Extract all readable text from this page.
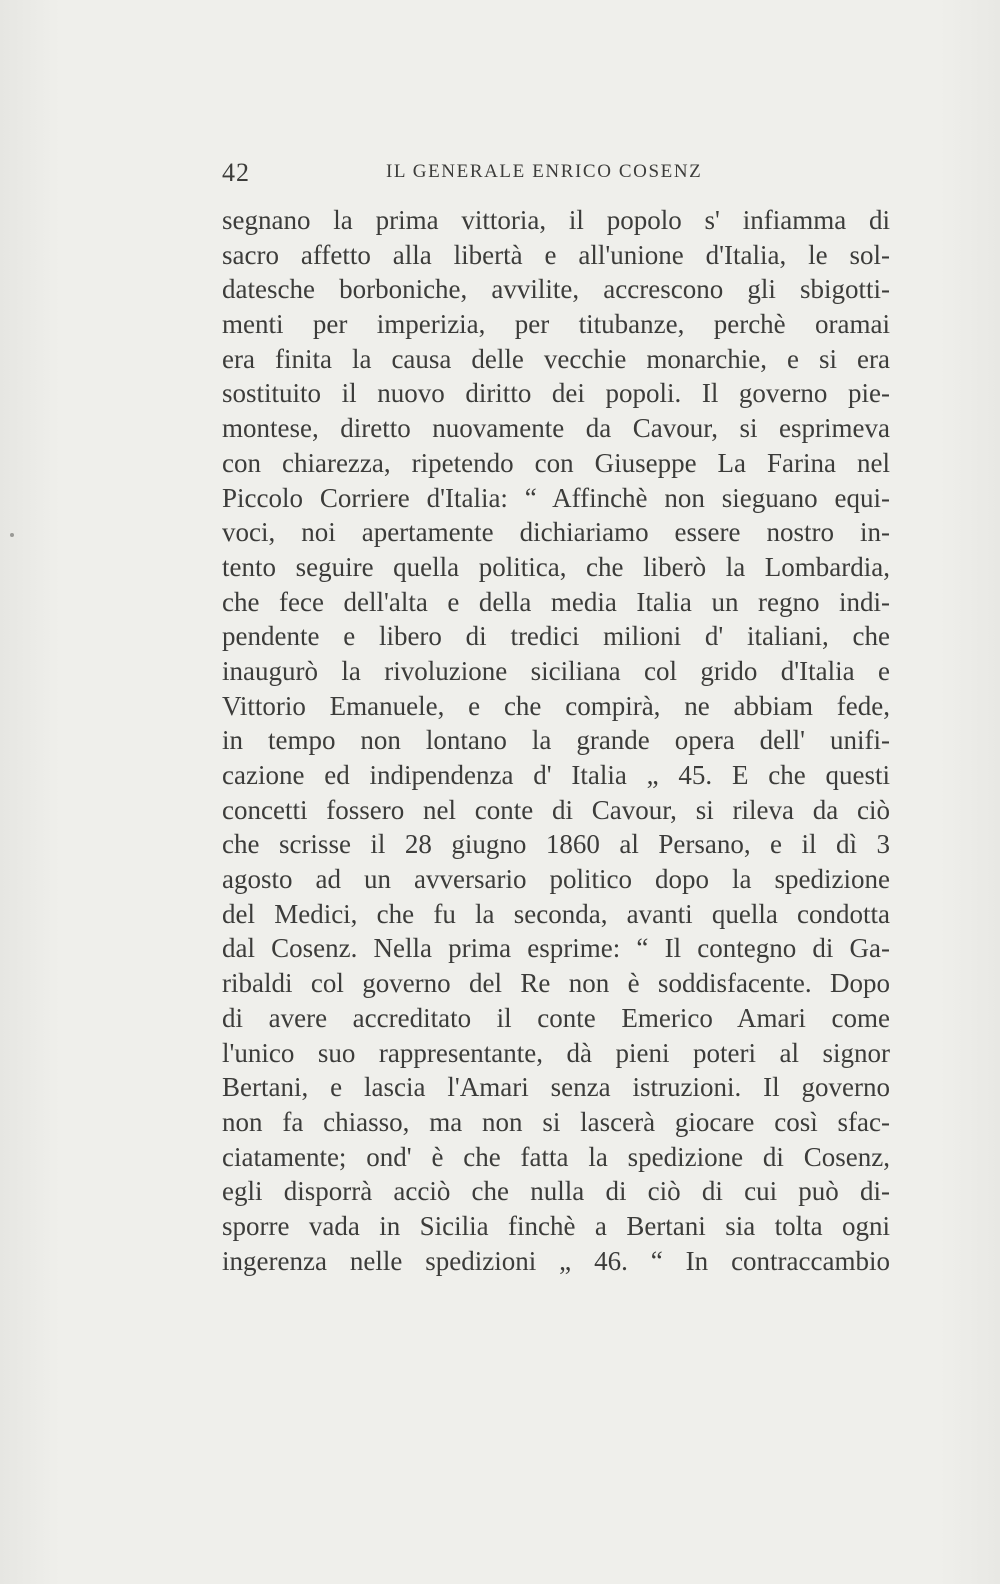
42	IL GENERALE ENRICO COSENZ
segnano la prima vittoria, il popolo s' infiamma di
sacro affetto alla libertà e all'unione d'Italia, le sol-
datesche borboniche, avvilite, accrescono gli sbigotti-
menti per imperizia, per titubanze, perchè oramai
era finita la causa delle vecchie monarchie, e si era
sostituito il nuovo diritto dei popoli. Il governo pie-
montese, diretto nuovamente da Cavour, si esprimeva
con chiarezza, ripetendo con Giuseppe La Farina nel
Piccolo Corriere d'Italia: “ Affinchè non sieguano equi-
voci, noi apertamente dichiariamo essere nostro in-
tento seguire quella politica, che liberò la Lombardia,
che fece dell'alta e della media Italia un regno indi-
pendente e libero di tredici milioni d' italiani, che
inaugurò la rivoluzione siciliana col grido d'Italia e
Vittorio Emanuele, e che compirà, ne abbiam fede,
in tempo non lontano la grande opera dell' unifi-
cazione ed indipendenza d' Italia „ 45. E che questi
concetti fossero nel conte di Cavour, si rileva da ciò
che scrisse il 28 giugno 1860 al Persano, e il dì 3
agosto ad un avversario politico dopo la spedizione
del Medici, che fu la seconda, avanti quella condotta
dal Cosenz. Nella prima esprime: “ Il contegno di Ga-
ribaldi col governo del Re non è soddisfacente. Dopo
di avere accreditato il conte Emerico Amari come
l'unico suo rappresentante, dà pieni poteri al signor
Bertani, e lascia l'Amari senza istruzioni. Il governo
non fa chiasso, ma non si lascerà giocare così sfac-
ciatamente; ond' è che fatta la spedizione di Cosenz,
egli disporrà acciò che nulla di ciò di cui può di-
sporre vada in Sicilia finchè a Bertani sia tolta ogni
ingerenza nelle spedizioni „ 46. “ In contraccambio
